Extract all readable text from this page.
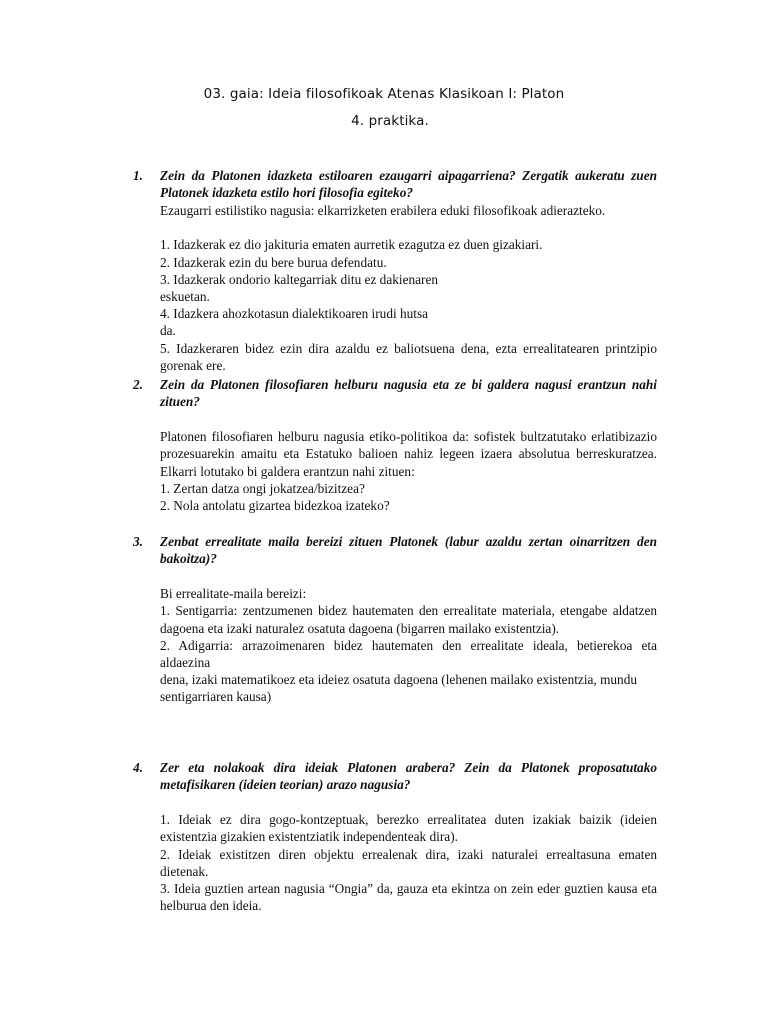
03. gaia: Ideia filosofikoak Atenas Klasikoan I: Platon
4. praktika.
1.	Zein da Platonen idazketa estiloaren ezaugarri aipagarriena? Zergatik aukeratu zuen Platonek idazketa estilo hori filosofia egiteko?

Ezaugarri estilistiko nagusia: elkarrizketen erabilera eduki filosofikoak adierazteko.

1. Idazkerak ez dio jakituria ematen aurretik ezagutza ez duen gizakiari.

2. Idazkerak ezin du bere burua defendatu.

3. Idazkerak ondorio kaltegarriak ditu ez dakienaren

eskuetan.

4. Idazkera ahozkotasun dialektikoaren irudi hutsa

da.

5. Idazkeraren bidez ezin dira azaldu ez baliotsuena dena, ezta errealitatearen printzipio gorenak ere.

2.	Zein da Platonen filosofiaren helburu nagusia eta ze bi galdera nagusi erantzun nahi zituen?

Platonen filosofiaren helburu nagusia etiko-politikoa da: sofistek bultzatutako erlatibizazio prozesuarekin amaitu eta Estatuko balioen nahiz legeen izaera absolutua berreskuratzea. Elkarri lotutako bi galdera erantzun nahi zituen:

1. Zertan datza ongi jokatzea/bizitzea?

2. Nola antolatu gizartea bidezkoa izateko?

3.	Zenbat errealitate maila bereizi zituen Platonek (labur azaldu zertan oinarritzen den bakoitza)?

Bi errealitate-maila bereizi:

1. Sentigarria: zentzumenen bidez hautematen den errealitate materiala, etengabe aldatzen dagoena eta izaki naturalez osatuta dagoena (bigarren mailako existentzia).

2. Adigarria: arrazoimenaren bidez hautematen den errealitate ideala, betierekoa eta aldaezina

dena, izaki matematikoez eta ideiez osatuta dagoena (lehenen mailako existentzia, mundu

sentigarriaren kausa)

4.	Zer eta nolakoak dira ideiak Platonen arabera? Zein da Platonek proposatutako metafisikaren (ideien teorian) arazo nagusia?

1. Ideiak ez dira gogo-kontzeptuak, berezko errealitatea duten izakiak baizik (ideien existentzia gizakien existentziatik independenteak dira).

2. Ideiak existitzen diren objektu errealenak dira, izaki naturalei errealtasuna ematen dietenak.

3. Ideia guztien artean nagusia “Ongia” da, gauza eta ekintza on zein eder guztien kausa eta helburua den ideia.
